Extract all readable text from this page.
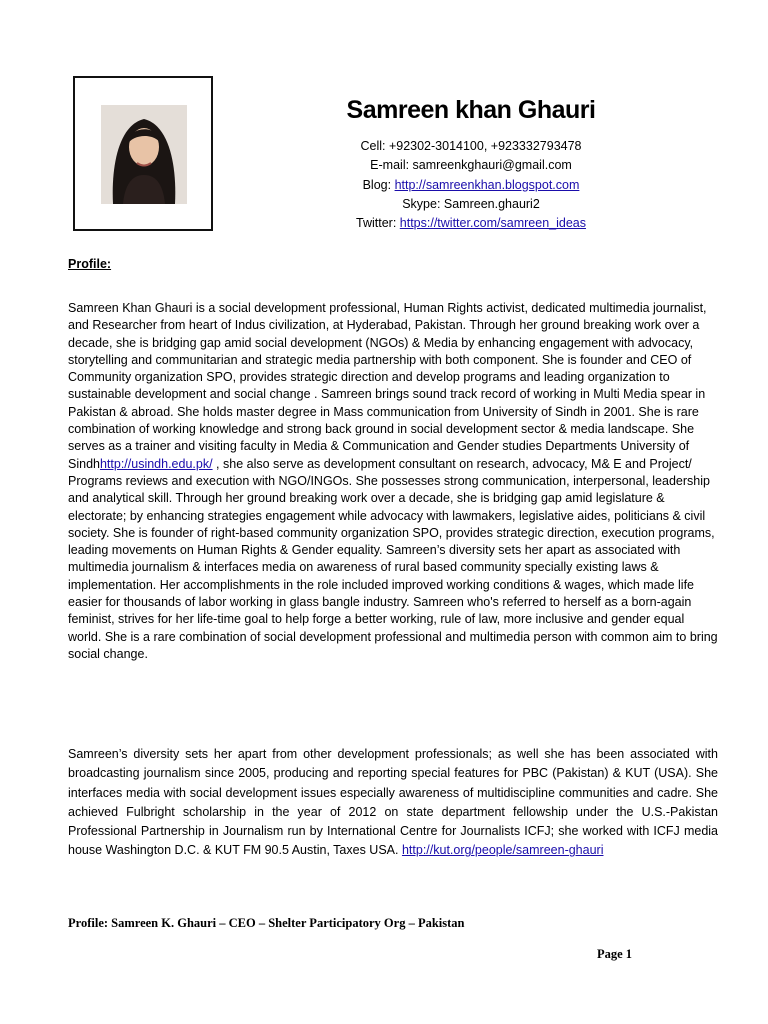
Samreen khan Ghauri
Cell: +92302-3014100, +923332793478
E-mail: samreenkghauri@gmail.com
Blog: http://samreenkhan.blogspot.com
Skype: Samreen.ghauri2
Twitter: https://twitter.com/samreen_ideas
Profile:

Samreen Khan Ghauri is a social development professional, Human Rights activist, dedicated multimedia journalist, and Researcher from heart of Indus civilization, at Hyderabad, Pakistan. Through her ground breaking work over a decade, she is bridging gap amid social development (NGOs) & Media by enhancing engagement with advocacy, storytelling and communitarian and strategic media partnership with both component. She is founder and CEO of Community organization SPO, provides strategic direction and develop programs and leading organization to sustainable development and social change . Samreen brings sound track record of working in Multi Media spear in Pakistan & abroad. She holds master degree in Mass communication from University of Sindh in 2001. She is rare combination of working knowledge and strong back ground in social development sector & media landscape. She serves as a trainer and visiting faculty in Media & Communication and Gender studies Departments University of Sindhhttp://usindh.edu.pk/ , she also serve as development consultant on research, advocacy, M& E and Project/ Programs reviews and execution with NGO/INGOs. She possesses strong communication, interpersonal, leadership and analytical skill. Through her ground breaking work over a decade, she is bridging gap amid legislature & electorate; by enhancing strategies engagement while advocacy with lawmakers, legislative aides, politicians & civil society. She is founder of right-based community organization SPO, provides strategic direction, execution programs, leading movements on Human Rights & Gender equality. Samreen’s diversity sets her apart as associated with multimedia journalism & interfaces media on awareness of rural based community specially existing laws & implementation. Her accomplishments in the role included improved working conditions & wages, which made life easier for thousands of labor working in glass bangle industry. Samreen who's referred to herself as a born-again feminist, strives for her life-time goal to help forge a better working, rule of law, more inclusive and gender equal world. She is a rare combination of social development professional and multimedia person with common aim to bring social change.

Samreen’s diversity sets her apart from other development professionals; as well she has been associated with broadcasting journalism since 2005, producing and reporting special features for PBC (Pakistan) & KUT (USA). She interfaces media with social development issues especially awareness of multidiscipline communities and cadre. She achieved Fulbright scholarship in the year of 2012 on state department fellowship under the U.S.-Pakistan Professional Partnership in Journalism run by International Centre for Journalists ICFJ; she worked with ICFJ media house Washington D.C. & KUT FM 90.5 Austin, Taxes USA. http://kut.org/people/samreen-ghauri

Profile: Samreen K. Ghauri – CEO – Shelter Participatory Org – Pakistan
Page 1
